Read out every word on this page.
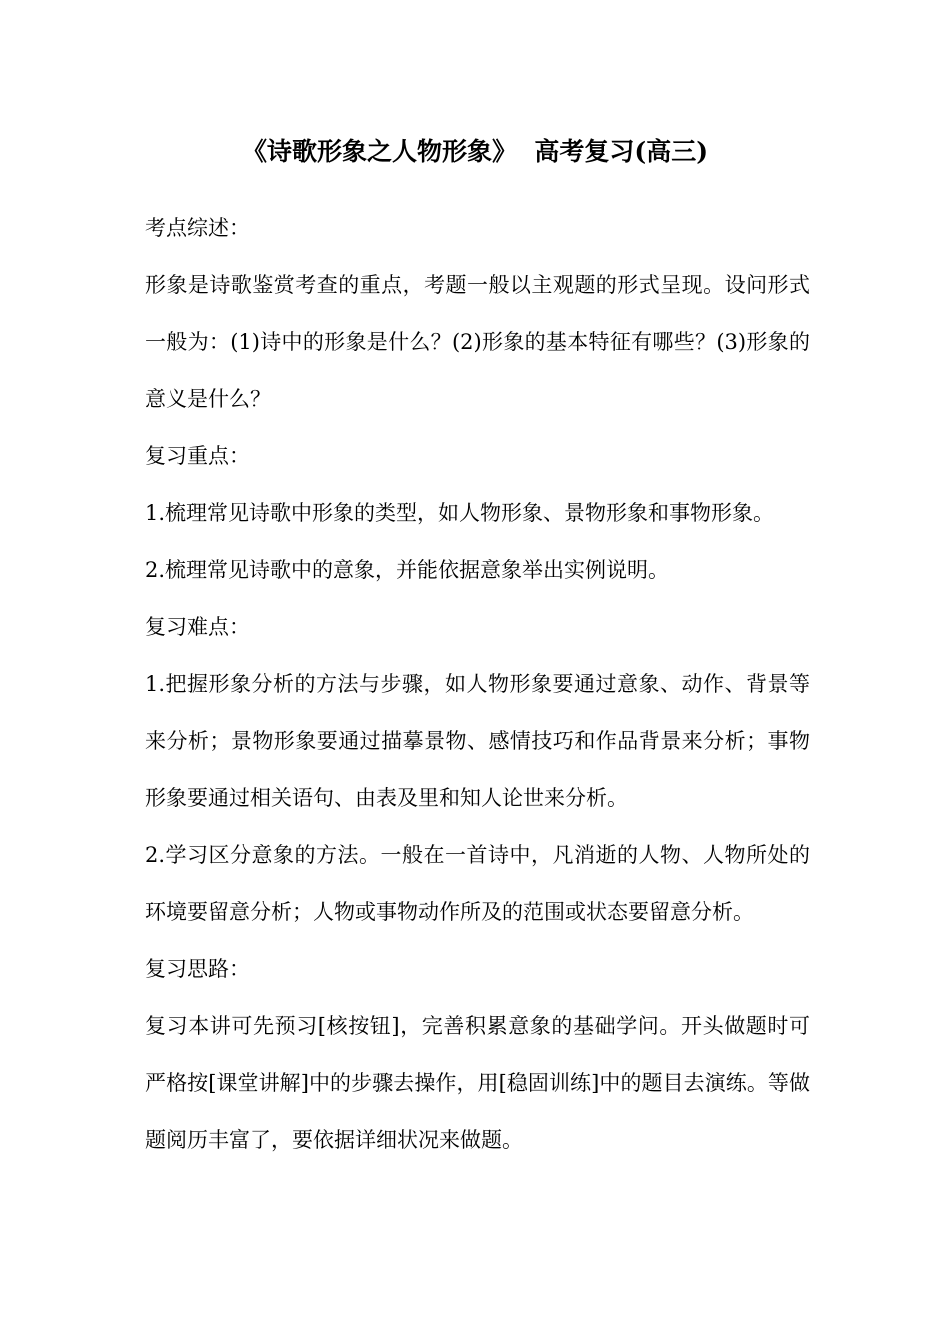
《诗歌形象之人物形象》  高考复习(高三)

考点综述：

形象是诗歌鉴赏考查的重点，考题一般以主观题的形式呈现。设问形式一般为：(1)诗中的形象是什么？(2)形象的基本特征有哪些？(3)形象的意义是什么？

复习重点：

1.梳理常见诗歌中形象的类型，如人物形象、景物形象和事物形象。

2.梳理常见诗歌中的意象，并能依据意象举出实例说明。

复习难点：

1.把握形象分析的方法与步骤，如人物形象要通过意象、动作、背景等来分析；景物形象要通过描摹景物、感情技巧和作品背景来分析；事物形象要通过相关语句、由表及里和知人论世来分析。

2.学习区分意象的方法。一般在一首诗中，凡消逝的人物、人物所处的环境要留意分析；人物或事物动作所及的范围或状态要留意分析。

复习思路：

复习本讲可先预习[核按钮]，完善积累意象的基础学问。开头做题时可严格按[课堂讲解]中的步骤去操作，用[稳固训练]中的题目去演练。等做题阅历丰富了，要依据详细状况来做题。
